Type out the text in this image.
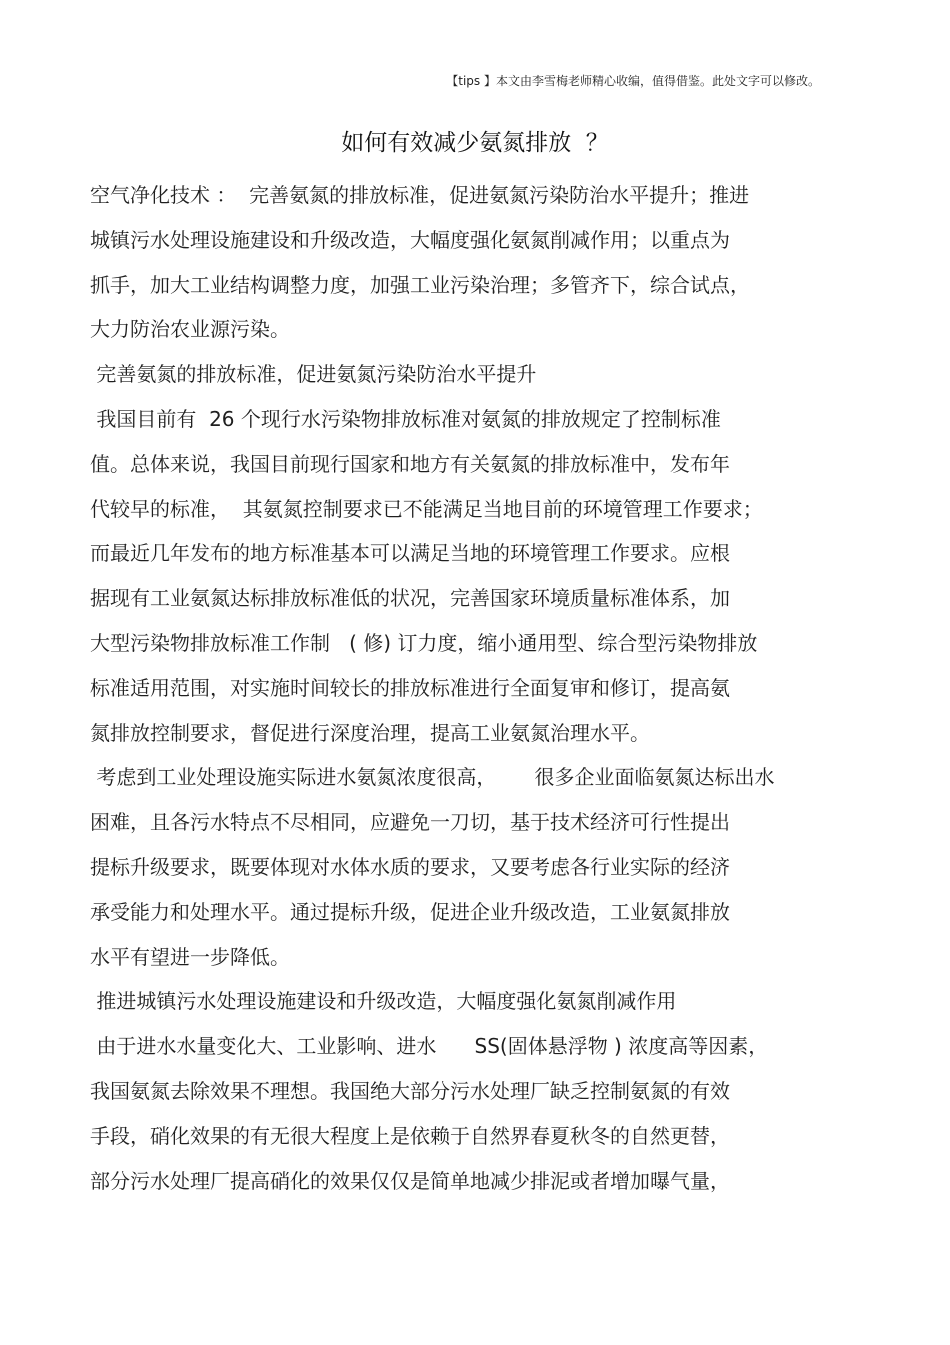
【tips 】本文由李雪梅老师精心收编，值得借鉴。此处文字可以修改。
如何有效减少氨氮排放  ？
空气净化技术 ：  完善氨氮的排放标准，促进氨氮污染防治水平提升；推进
城镇污水处理设施建设和升级改造，大幅度强化氨氮削减作用；以重点为
抓手，加大工业结构调整力度，加强工业污染治理；多管齐下，综合试点，
大力防治农业源污染。
完善氨氮的排放标准，促进氨氮污染防治水平提升
我国目前有  26 个现行水污染物排放标准对氨氮的排放规定了控制标准
值。总体来说，我国目前现行国家和地方有关氨氮的排放标准中，发布年
代较早的标准，  其氨氮控制要求已不能满足当地目前的环境管理工作要求；
而最近几年发布的地方标准基本可以满足当地的环境管理工作要求。应根
据现有工业氨氮达标排放标准低的状况，完善国家环境质量标准体系，加
大型污染物排放标准工作制   ( 修) 订力度，缩小通用型、综合型污染物排放
标准适用范围，对实施时间较长的排放标准进行全面复审和修订，提高氨
氮排放控制要求，督促进行深度治理，提高工业氨氮治理水平。
考虑到工业处理设施实际进水氨氮浓度很高，      很多企业面临氨氮达标出水
困难，且各污水特点不尽相同，应避免一刀切，基于技术经济可行性提出
提标升级要求，既要体现对水体水质的要求，又要考虑各行业实际的经济
承受能力和处理水平。通过提标升级，促进企业升级改造，工业氨氮排放
水平有望进一步降低。
推进城镇污水处理设施建设和升级改造，大幅度强化氨氮削减作用
由于进水水量变化大、工业影响、进水      SS(固体悬浮物 ) 浓度高等因素，
我国氨氮去除效果不理想。我国绝大部分污水处理厂缺乏控制氨氮的有效
手段，硝化效果的有无很大程度上是依赖于自然界春夏秋冬的自然更替，
部分污水处理厂提高硝化的效果仅仅是简单地减少排泥或者增加曝气量，
